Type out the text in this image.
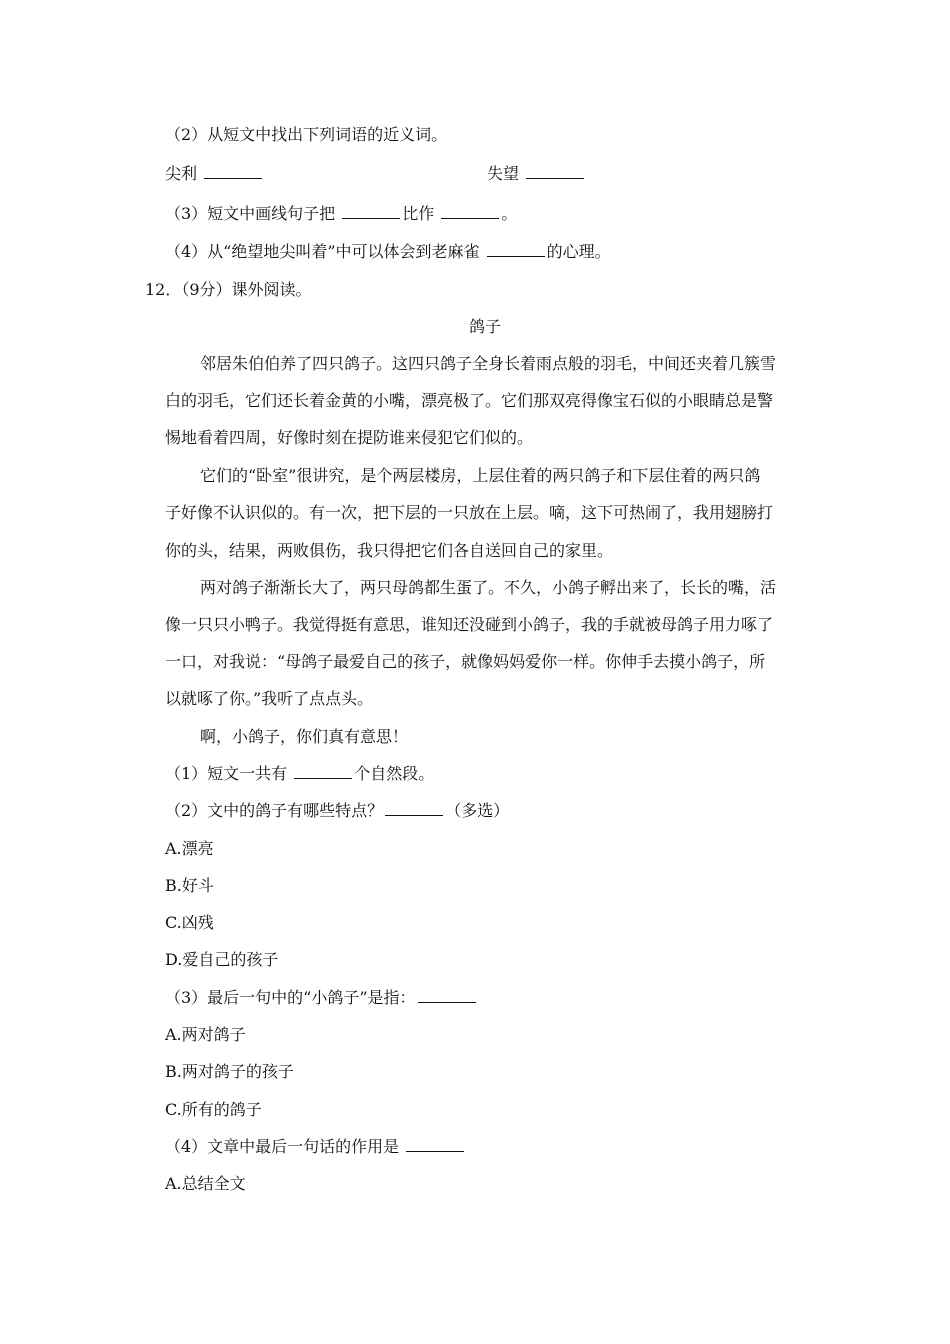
（2）从短文中找出下列词语的近义词。
尖利	失望
（3）短文中画线句子把	比作	。
（4）从“绝望地尖叫着”中可以体会到老麻雀	的心理。
12．（9分）课外阅读。
鸽子
邻居朱伯伯养了四只鸽子。这四只鸽子全身长着雨点般的羽毛，中间还夹着几簇雪
白的羽毛，它们还长着金黄的小嘴，漂亮极了。它们那双亮得像宝石似的小眼睛总是警
惕地看着四周，好像时刻在提防谁来侵犯它们似的。
它们的“卧室”很讲究，是个两层楼房，上层住着的两只鸽子和下层住着的两只鸽
子好像不认识似的。有一次，把下层的一只放在上层。嘀，这下可热闹了，我用翅膀打
你的头，结果，两败俱伤，我只得把它们各自送回自己的家里。
两对鸽子渐渐长大了，两只母鸽都生蛋了。不久，小鸽子孵出来了，长长的嘴，活
像一只只小鸭子。我觉得挺有意思，谁知还没碰到小鸽子，我的手就被母鸽子用力啄了
一口，对我说：“母鸽子最爱自己的孩子，就像妈妈爱你一样。你伸手去摸小鸽子，所
以就啄了你。”我听了点点头。
啊，小鸽子，你们真有意思！
（1）短文一共有	个自然段。
（2）文中的鸽子有哪些特点？	（多选）
A.漂亮
B.好斗
C.凶残
D.爱自己的孩子
（3）最后一句中的“小鸽子”是指：
A.两对鸽子
B.两对鸽子的孩子
C.所有的鸽子
（4）文章中最后一句话的作用是
A.总结全文
